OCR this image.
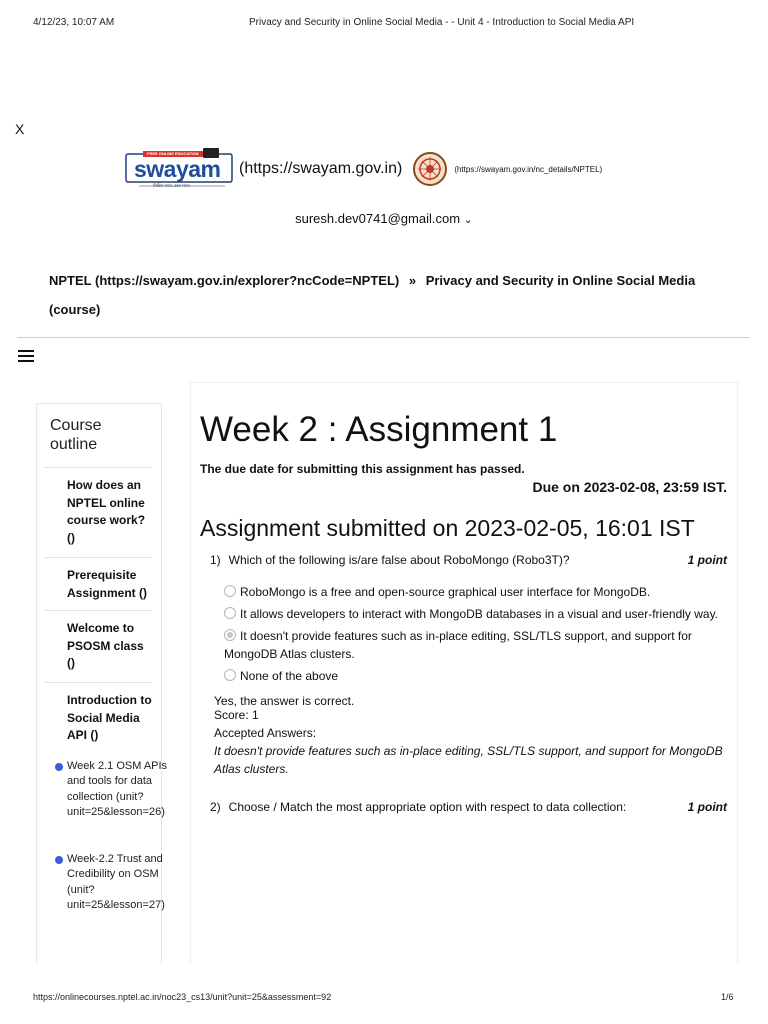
4/12/23, 10:07 AM	Privacy and Security in Online Social Media - - Unit 4 - Introduction to Social Media API
X
FREE ONLINE EDUCATION
swayam
शिक्षित भारत, उन्नत भारत
(https://swayam.gov.in)	(https://swayam.gov.in/nc_details/NPTEL)
suresh.dev0741@gmail.com ⌄
NPTEL (https://swayam.gov.in/explorer?ncCode=NPTEL) » Privacy and Security in Online Social Media (course)
Course outline
How does an NPTEL online course work? ()
Prerequisite Assignment ()
Welcome to PSOSM class ()
Introduction to Social Media API ()
Week 2.1 OSM APIs and tools for data collection (unit?unit=25&lesson=26)
Week-2.2 Trust and Credibility on OSM (unit?unit=25&lesson=27)
Week 2 : Assignment 1
The due date for submitting this assignment has passed.
Due on 2023-02-08, 23:59 IST.
Assignment submitted on 2023-02-05, 16:01 IST
1) Which of the following is/are false about RoboMongo (Robo3T)?	1 point
RoboMongo is a free and open-source graphical user interface for MongoDB.
It allows developers to interact with MongoDB databases in a visual and user-friendly way.
It doesn't provide features such as in-place editing, SSL/TLS support, and support for MongoDB Atlas clusters.
None of the above
Yes, the answer is correct.
Score: 1
Accepted Answers:
It doesn't provide features such as in-place editing, SSL/TLS support, and support for MongoDB Atlas clusters.
2) Choose / Match the most appropriate option with respect to data collection:	1 point
https://onlinecourses.nptel.ac.in/noc23_cs13/unit?unit=25&assessment=92	1/6
